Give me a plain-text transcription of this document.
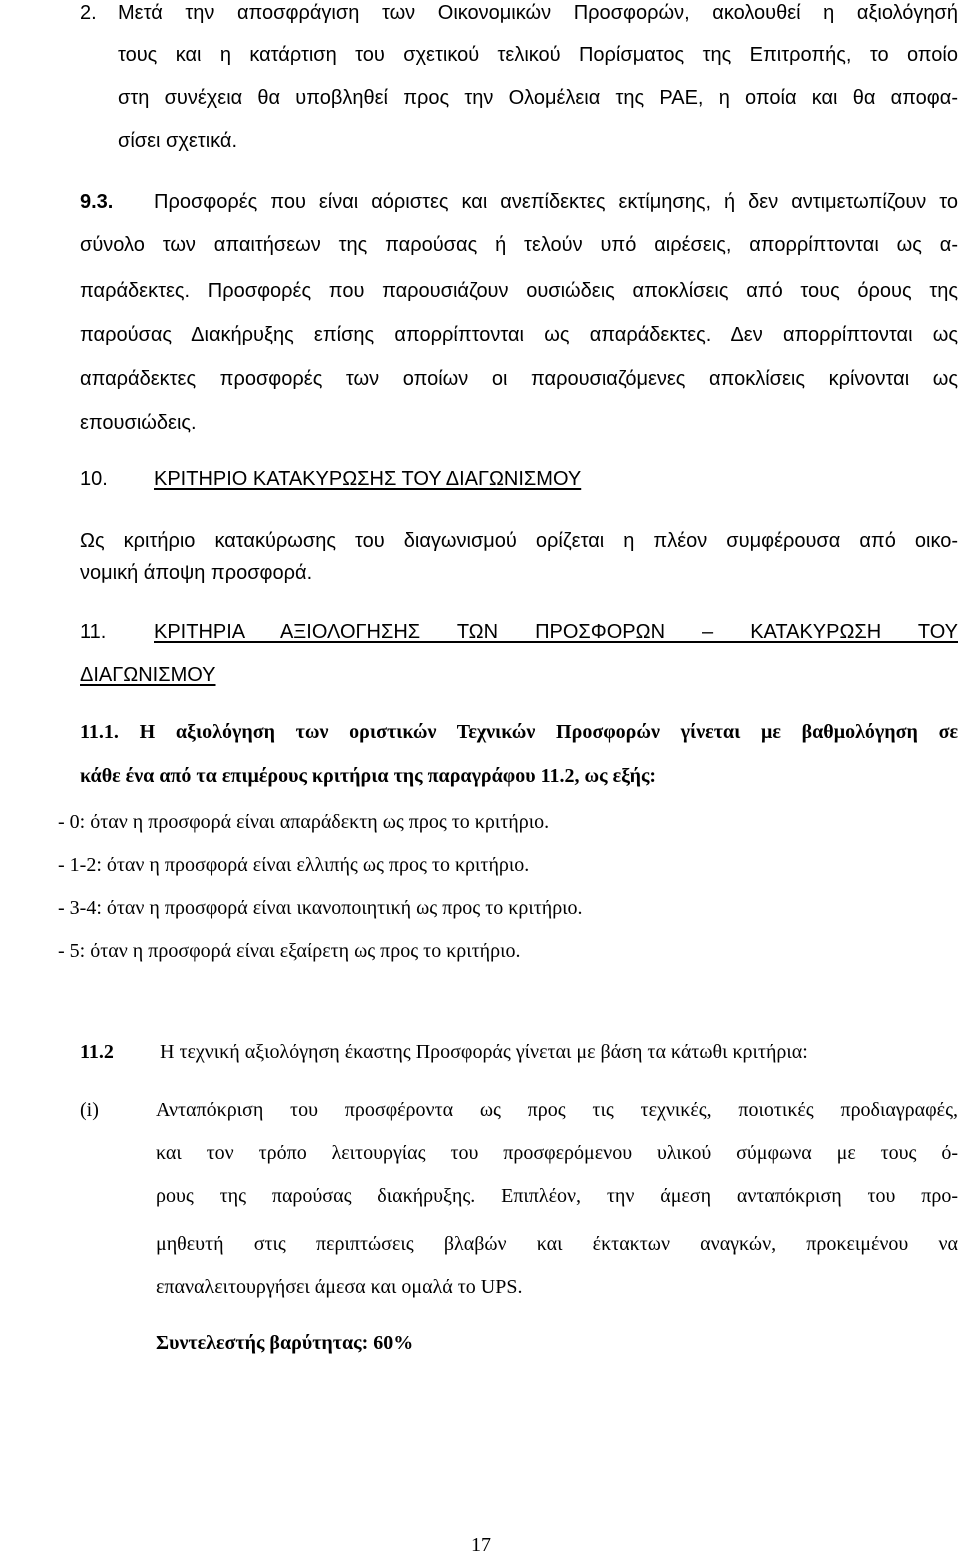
2. Μετά την αποσφράγιση των Οικονομικών Προσφορών, ακολουθεί η αξιολόγησή
τους και η κατάρτιση του σχετικού τελικού Πορίσματος της Επιτροπής, το οποίο
στη συνέχεια θα υποβληθεί προς την Ολομέλεια της ΡΑΕ, η οποία και θα αποφα-
σίσει σχετικά.
9.3. Προσφορές που είναι αόριστες και ανεπίδεκτες εκτίμησης, ή δεν αντιμετωπίζουν το
σύνολο των απαιτήσεων της παρούσας ή τελούν υπό αιρέσεις, απορρίπτονται ως α-
παράδεκτες. Προσφορές που παρουσιάζουν ουσιώδεις αποκλίσεις από τους όρους της
παρούσας Διακήρυξης επίσης απορρίπτονται ως απαράδεκτες. Δεν απορρίπτονται ως
απαράδεκτες προσφορές των οποίων οι παρουσιαζόμενες αποκλίσεις κρίνονται ως
επουσιώδεις.
10. ΚΡΙΤΗΡΙΟ ΚΑΤΑΚΥΡΩΣΗΣ ΤΟΥ ΔΙΑΓΩΝΙΣΜΟΥ
Ως κριτήριο κατακύρωσης του διαγωνισμού ορίζεται η πλέον συμφέρουσα από οικο-
νομική άποψη προσφορά.
11. ΚΡΙΤΗΡΙΑ ΑΞΙΟΛΟΓΗΣΗΣ ΤΩΝ ΠΡΟΣΦΟΡΩΝ – ΚΑΤΑΚΥΡΩΣΗ ΤΟΥ
ΔΙΑΓΩΝΙΣΜΟΥ
11.1. Η αξιολόγηση των οριστικών Τεχνικών Προσφορών γίνεται με βαθμολόγηση σε
κάθε ένα από τα επιμέρους κριτήρια της παραγράφου 11.2, ως εξής:
- 0: όταν η προσφορά είναι απαράδεκτη ως προς το κριτήριο.
- 1-2: όταν η προσφορά είναι ελλιπής ως προς το κριτήριο.
- 3-4: όταν η προσφορά είναι ικανοποιητική ως προς το κριτήριο.
- 5: όταν η προσφορά είναι εξαίρετη ως προς το κριτήριο.
11.2 Η τεχνική αξιολόγηση έκαστης Προσφοράς γίνεται με βάση τα κάτωθι κριτήρια:
(i)	Ανταπόκριση του προσφέροντα ως προς τις τεχνικές, ποιοτικές προδιαγραφές,
και τον τρόπο λειτουργίας του προσφερόμενου υλικού σύμφωνα με τους ό-
ρους της παρούσας διακήρυξης. Επιπλέον, την άμεση ανταπόκριση του προ-
μηθευτή στις περιπτώσεις βλαβών και έκτακτων αναγκών, προκειμένου να
επαναλειτουργήσει άμεσα και ομαλά το UPS.
Συντελεστής βαρύτητας: 60%
17
